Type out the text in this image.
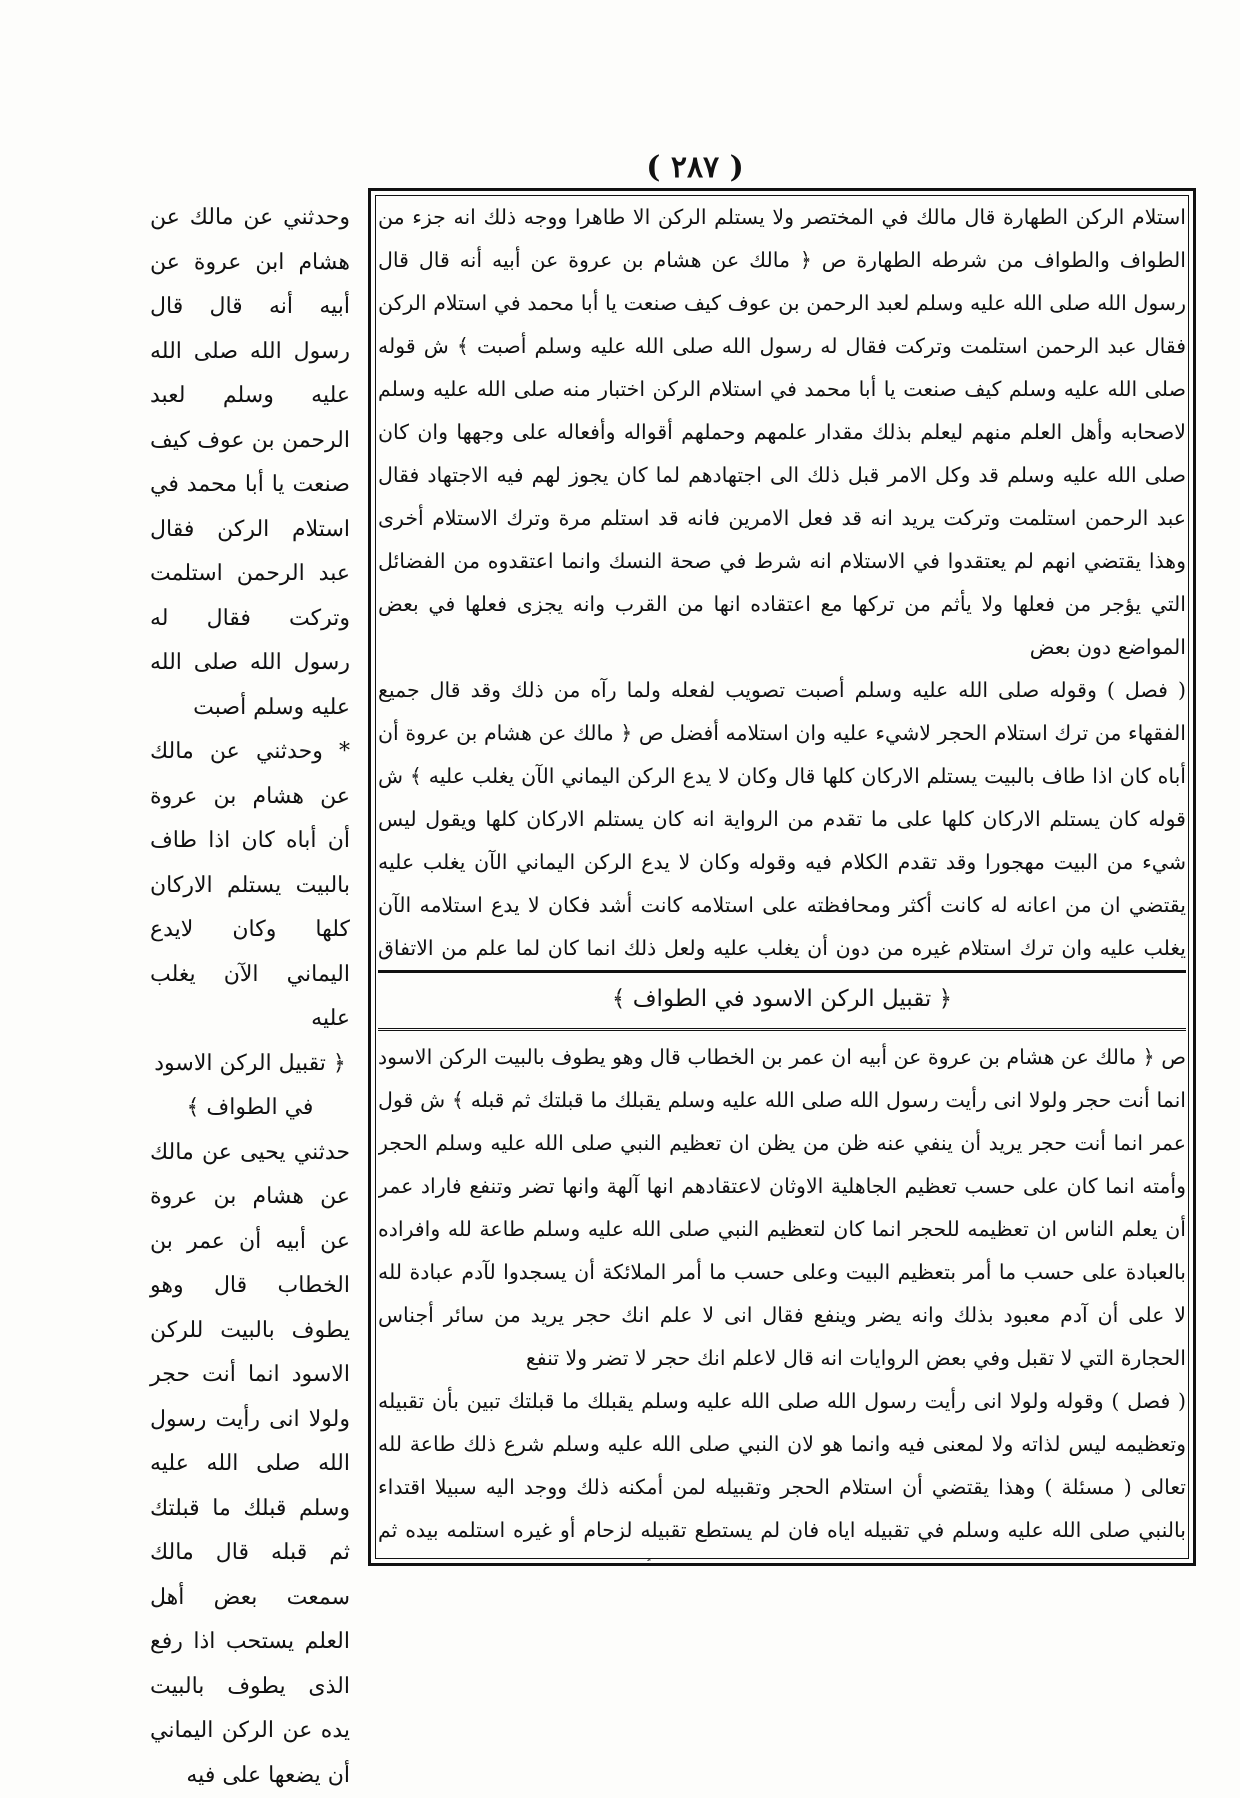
( ٢٨٧ )

استلام الركن الطهارة قال مالك في المختصر ولا يستلم الركن الا طاهرا ووجه ذلك انه جزء من الطواف والطواف من شرطه الطهارة ص ﴿ مالك عن هشام بن عروة عن أبيه أنه قال قال رسول الله صلى الله عليه وسلم لعبد الرحمن بن عوف كيف صنعت يا أبا محمد في استلام الركن فقال عبد الرحمن استلمت وتركت فقال له رسول الله صلى الله عليه وسلم أصبت ﴾ ش قوله صلى الله عليه وسلم كيف صنعت يا أبا محمد في استلام الركن اختبار منه صلى الله عليه وسلم لاصحابه وأهل العلم منهم ليعلم بذلك مقدار علمهم وحملهم أقواله وأفعاله على وجهها وان كان صلى الله عليه وسلم قد وكل الامر قبل ذلك الى اجتهادهم لما كان يجوز لهم فيه الاجتهاد فقال عبد الرحمن استلمت وتركت يريد انه قد فعل الامرين فانه قد استلم مرة وترك الاستلام أخرى وهذا يقتضي انهم لم يعتقدوا في الاستلام انه شرط في صحة النسك وانما اعتقدوه من الفضائل التي يؤجر من فعلها ولا يأثم من تركها مع اعتقاده انها من القرب وانه يجزى فعلها في بعض المواضع دون بعض

( فصل ) وقوله صلى الله عليه وسلم أصبت تصويب لفعله ولما رآه من ذلك وقد قال جميع الفقهاء من ترك استلام الحجر لاشيء عليه وان استلامه أفضل ص ﴿ مالك عن هشام بن عروة أن أباه كان اذا طاف بالبيت يستلم الاركان كلها قال وكان لا يدع الركن اليماني الآن يغلب عليه ﴾ ش قوله كان يستلم الاركان كلها على ما تقدم من الرواية انه كان يستلم الاركان كلها ويقول ليس شيء من البيت مهجورا وقد تقدم الكلام فيه وقوله وكان لا يدع الركن اليماني الآن يغلب عليه يقتضي ان من اعانه له كانت أكثر ومحافظته على استلامه كانت أشد فكان لا يدع استلامه الآن يغلب عليه وان ترك استلام غيره من دون أن يغلب عليه ولعل ذلك انما كان لما علم من الاتفاق

﴿ تقبيل الركن الاسود في الطواف ﴾

ص ﴿ مالك عن هشام بن عروة عن أبيه ان عمر بن الخطاب قال وهو يطوف بالبيت الركن الاسود انما أنت حجر ولولا انى رأيت رسول الله صلى الله عليه وسلم يقبلك ما قبلتك ثم قبله ﴾ ش قول عمر انما أنت حجر يريد أن ينفي عنه ظن من يظن ان تعظيم النبي صلى الله عليه وسلم الحجر وأمته انما كان على حسب تعظيم الجاهلية الاوثان لاعتقادهم انها آلهة وانها تضر وتنفع فاراد عمر أن يعلم الناس ان تعظيمه للحجر انما كان لتعظيم النبي صلى الله عليه وسلم طاعة لله وافراده بالعبادة على حسب ما أمر بتعظيم البيت وعلى حسب ما أمر الملائكة أن يسجدوا لآدم عبادة لله لا على أن آدم معبود بذلك وانه يضر وينفع فقال انى لا علم انك حجر يريد من سائر أجناس الحجارة التي لا تقبل وفي بعض الروايات انه قال لاعلم انك حجر لا تضر ولا تنفع

( فصل ) وقوله ولولا انى رأيت رسول الله صلى الله عليه وسلم يقبلك ما قبلتك تبين بأن تقبيله وتعظيمه ليس لذاته ولا لمعنى فيه وانما هو لان النبي صلى الله عليه وسلم شرع ذلك طاعة لله تعالى ( مسئلة ) وهذا يقتضي أن استلام الحجر وتقبيله لمن أمكنه ذلك ووجد اليه سبيلا اقتداء بالنبي صلى الله عليه وسلم في تقبيله اياه فان لم يستطع تقبيله لزحام أو غيره استلمه بيده ثم

وحدثني عن مالك عن هشام ابن عروة عن أبيه أنه قال قال رسول الله صلى الله عليه وسلم لعبد الرحمن بن عوف كيف صنعت يا أبا محمد في استلام الركن فقال عبد الرحمن استلمت وتركت فقال له رسول الله صلى الله عليه وسلم أصبت

* وحدثني عن مالك عن هشام بن عروة أن أباه كان اذا طاف بالبيت يستلم الاركان كلها وكان لايدع اليماني الآن يغلب عليه

﴿ تقبيل الركن الاسود في الطواف ﴾

حدثني يحيى عن مالك عن هشام بن عروة عن أبيه أن عمر بن الخطاب قال وهو يطوف بالبيت للركن الاسود انما أنت حجر ولولا انى رأيت رسول الله صلى الله عليه وسلم قبلك ما قبلتك ثم قبله قال مالك سمعت بعض أهل العلم يستحب اذا رفع الذى يطوف بالبيت يده عن الركن اليماني أن يضعها على فيه
